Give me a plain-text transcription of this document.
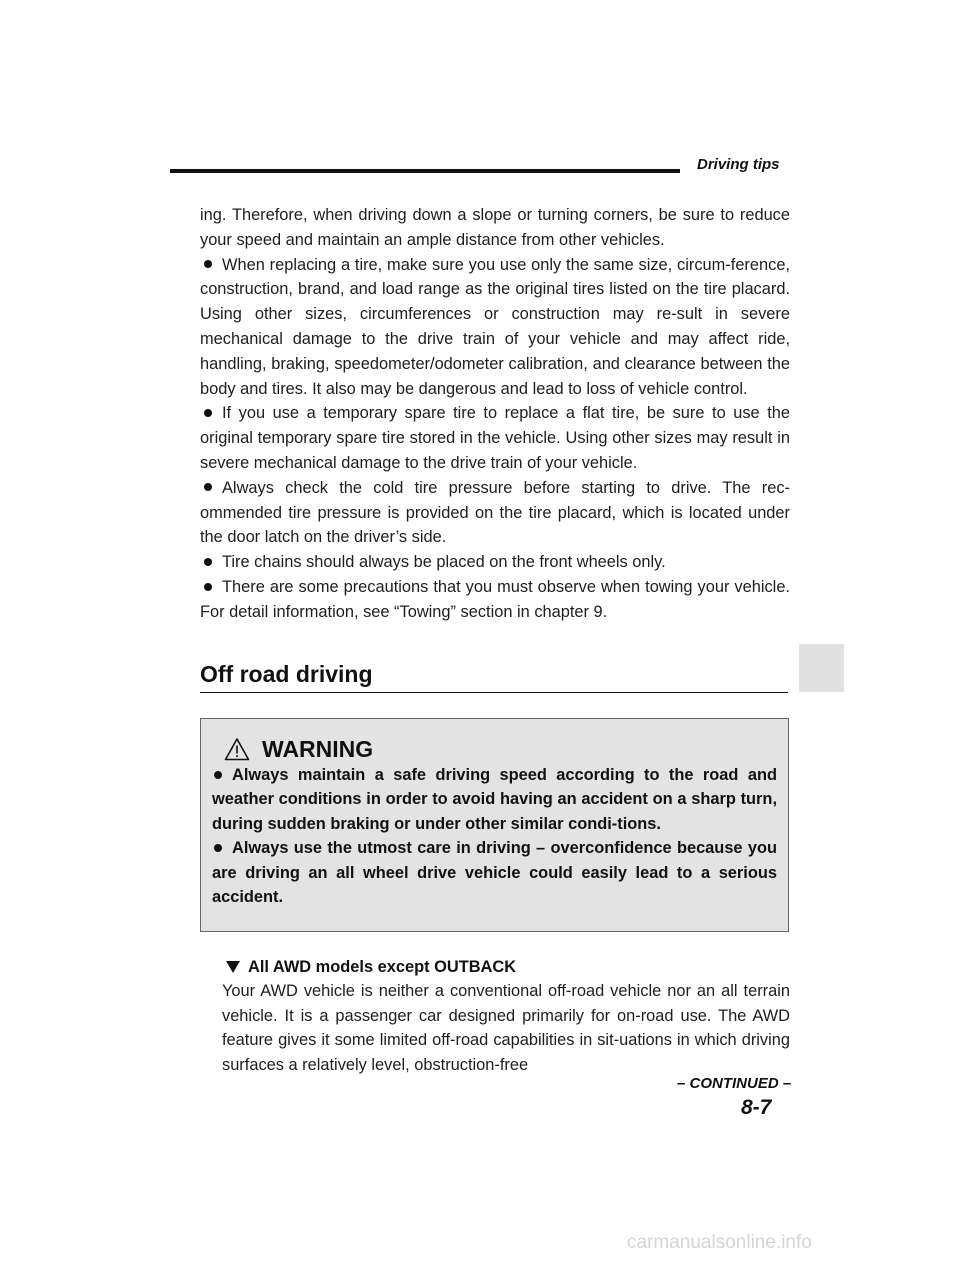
Driving tips

ing. Therefore, when driving down a slope or turning corners, be sure to reduce your speed and maintain an ample distance from other vehicles.

When replacing a tire, make sure you use only the same size, circum-ference, construction, brand, and load range as the original tires listed on the tire placard. Using other sizes, circumferences or construction may re-sult in severe mechanical damage to the drive train of your vehicle and may affect ride, handling, braking, speedometer/odometer calibration, and clearance between the body and tires. It also may be dangerous and lead to loss of vehicle control.

If you use a temporary spare tire to replace a flat tire, be sure to use the original temporary spare tire stored in the vehicle. Using other sizes may result in severe mechanical damage to the drive train of your vehicle.

Always check the cold tire pressure before starting to drive. The rec-ommended tire pressure is provided on the tire placard, which is located under the door latch on the driver’s side.

Tire chains should always be placed on the front wheels only.

There are some precautions that you must observe when towing your vehicle. For detail information, see “Towing” section in chapter 9.

Off road driving
WARNING

Always maintain a safe driving speed according to the road and weather conditions in order to avoid having an accident on a sharp turn, during sudden braking or under other similar condi-tions.

Always use the utmost care in driving – overconfidence because you are driving an all wheel drive vehicle could easily lead to a serious accident.

All AWD models except OUTBACK

Your AWD vehicle is neither a conventional off-road vehicle nor an all terrain vehicle. It is a passenger car designed primarily for on-road use. The AWD feature gives it some limited off-road capabilities in sit-uations in which driving surfaces a relatively level, obstruction-free

– CONTINUED –
8-7
carmanualsonline.info
